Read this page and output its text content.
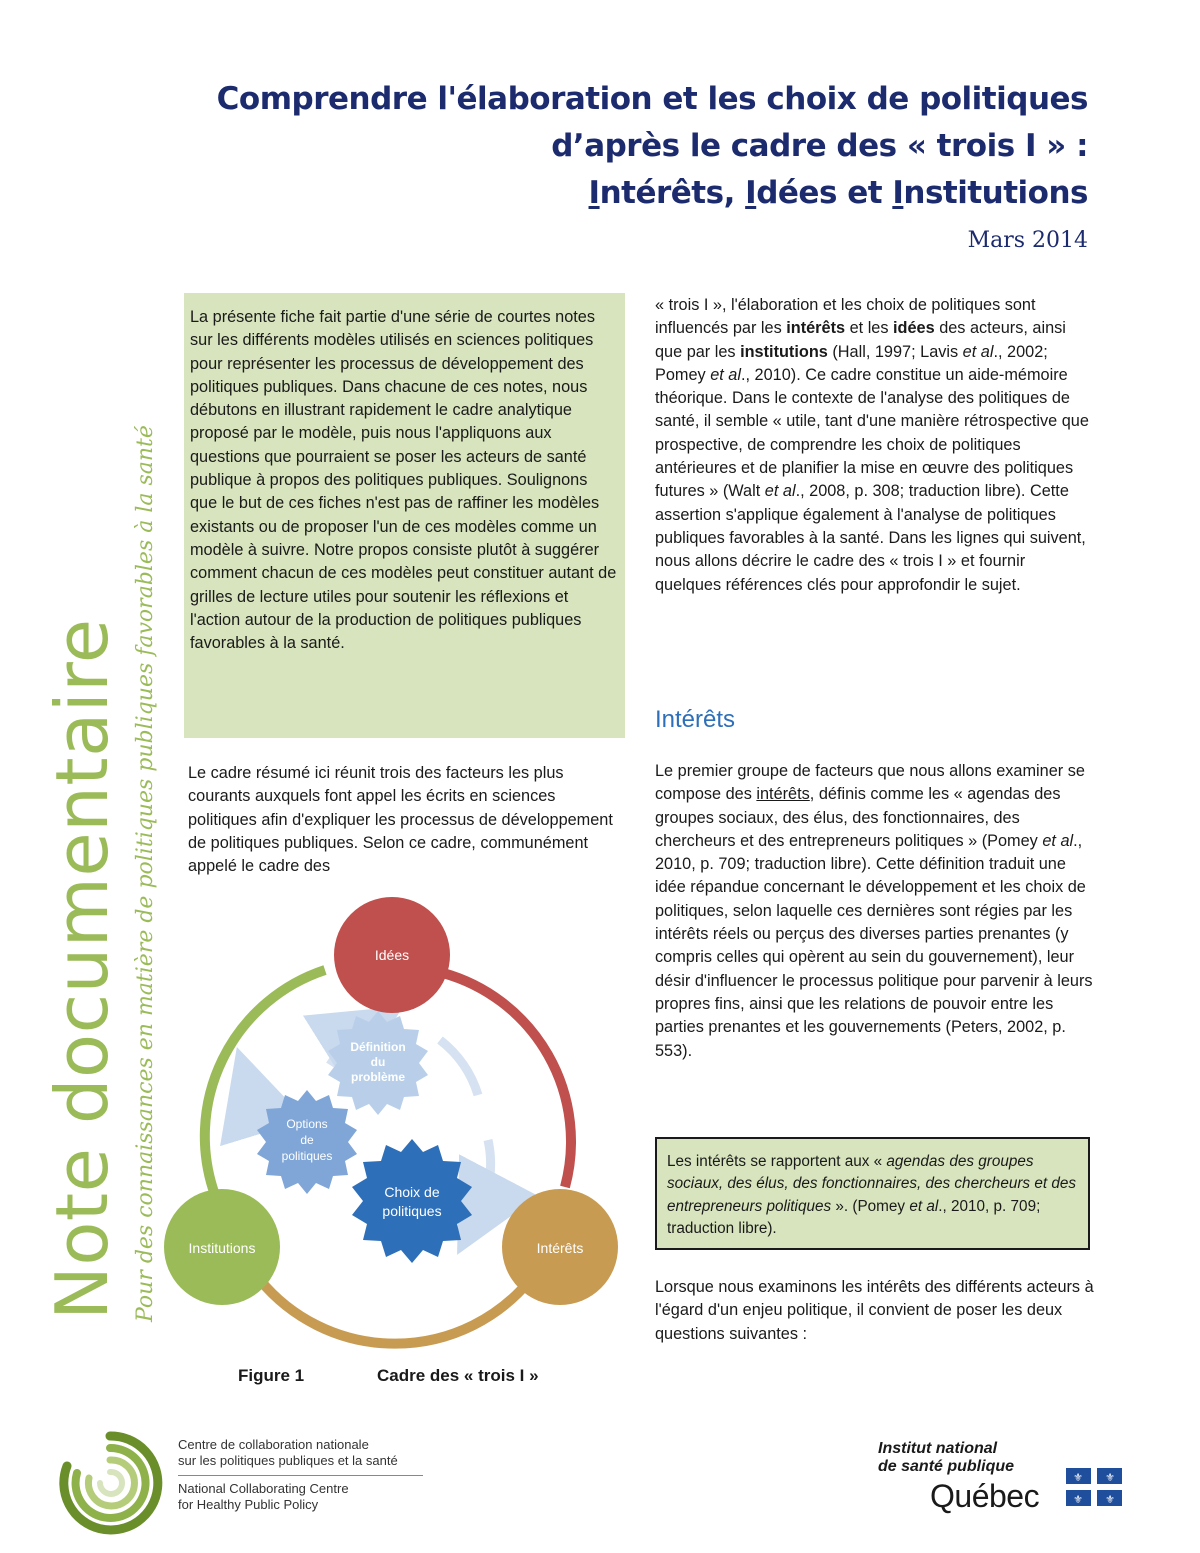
Comprendre l'élaboration et les choix de politiques
d’après le cadre des « trois I » :
Intérêts, Idées et Institutions
Mars 2014
Note documentaire Pour des connaissances en matière de politiques publiques favorables à la santé
La présente fiche fait partie d'une série de courtes notes sur les différents modèles utilisés en sciences politiques pour représenter les processus de développement des politiques publiques. Dans chacune de ces notes, nous débutons en illustrant rapidement le cadre analytique proposé par le modèle, puis nous l'appliquons aux questions que pourraient se poser les acteurs de santé publique à propos des politiques publiques. Soulignons que le but de ces fiches n'est pas de raffiner les modèles existants ou de proposer l'un de ces modèles comme un modèle à suivre. Notre propos consiste plutôt à suggérer comment chacun de ces modèles peut constituer autant de grilles de lecture utiles pour soutenir les réflexions et l'action autour de la production de politiques publiques favorables à la santé.
Le cadre résumé ici réunit trois des facteurs les plus courants auxquels font appel les écrits en sciences politiques afin d'expliquer les processus de développement de politiques publiques. Selon ce cadre, communément appelé le cadre des
Définition
du
problème
Options
de
politiques
Choix de
politiques
Idées
Institutions	Intérêts
Figure 1	Cadre des « trois I »
« trois I », l'élaboration et les choix de politiques sont influencés par les intérêts et les idées des acteurs, ainsi que par les institutions (Hall, 1997; Lavis et al., 2002; Pomey et al., 2010). Ce cadre constitue un aide-mémoire théorique. Dans le contexte de l'analyse des politiques de santé, il semble « utile, tant d'une manière rétrospective que prospective, de comprendre les choix de politiques antérieures et de planifier la mise en œuvre des politiques futures » (Walt et al., 2008, p. 308; traduction libre). Cette assertion s'applique également à l'analyse de politiques publiques favorables à la santé. Dans les lignes qui suivent, nous allons décrire le cadre des « trois I » et fournir quelques références clés pour approfondir le sujet.
Intérêts
Le premier groupe de facteurs que nous allons examiner se compose des intérêts, définis comme les « agendas des groupes sociaux, des élus, des fonctionnaires, des chercheurs et des entrepreneurs politiques » (Pomey et al., 2010, p. 709; traduction libre). Cette définition traduit une idée répandue concernant le développement et les choix de politiques, selon laquelle ces dernières sont régies par les intérêts réels ou perçus des diverses parties prenantes (y compris celles qui opèrent au sein du gouvernement), leur désir d'influencer le processus politique pour parvenir à leurs propres fins, ainsi que les relations de pouvoir entre les parties prenantes et les gouvernements (Peters, 2002, p. 553).
Les intérêts se rapportent aux « agendas des groupes sociaux, des élus, des fonctionnaires, des chercheurs et des entrepreneurs politiques ». (Pomey et al., 2010, p. 709; traduction libre).
Lorsque nous examinons les intérêts des différents acteurs à l'égard d'un enjeu politique, il convient de poser les deux questions suivantes :
Centre de collaboration nationale
sur les politiques publiques et la santé
National Collaborating Centre
for Healthy Public Policy
Institut national
de santé publique
Québec
⚜ ⚜
⚜ ⚜
